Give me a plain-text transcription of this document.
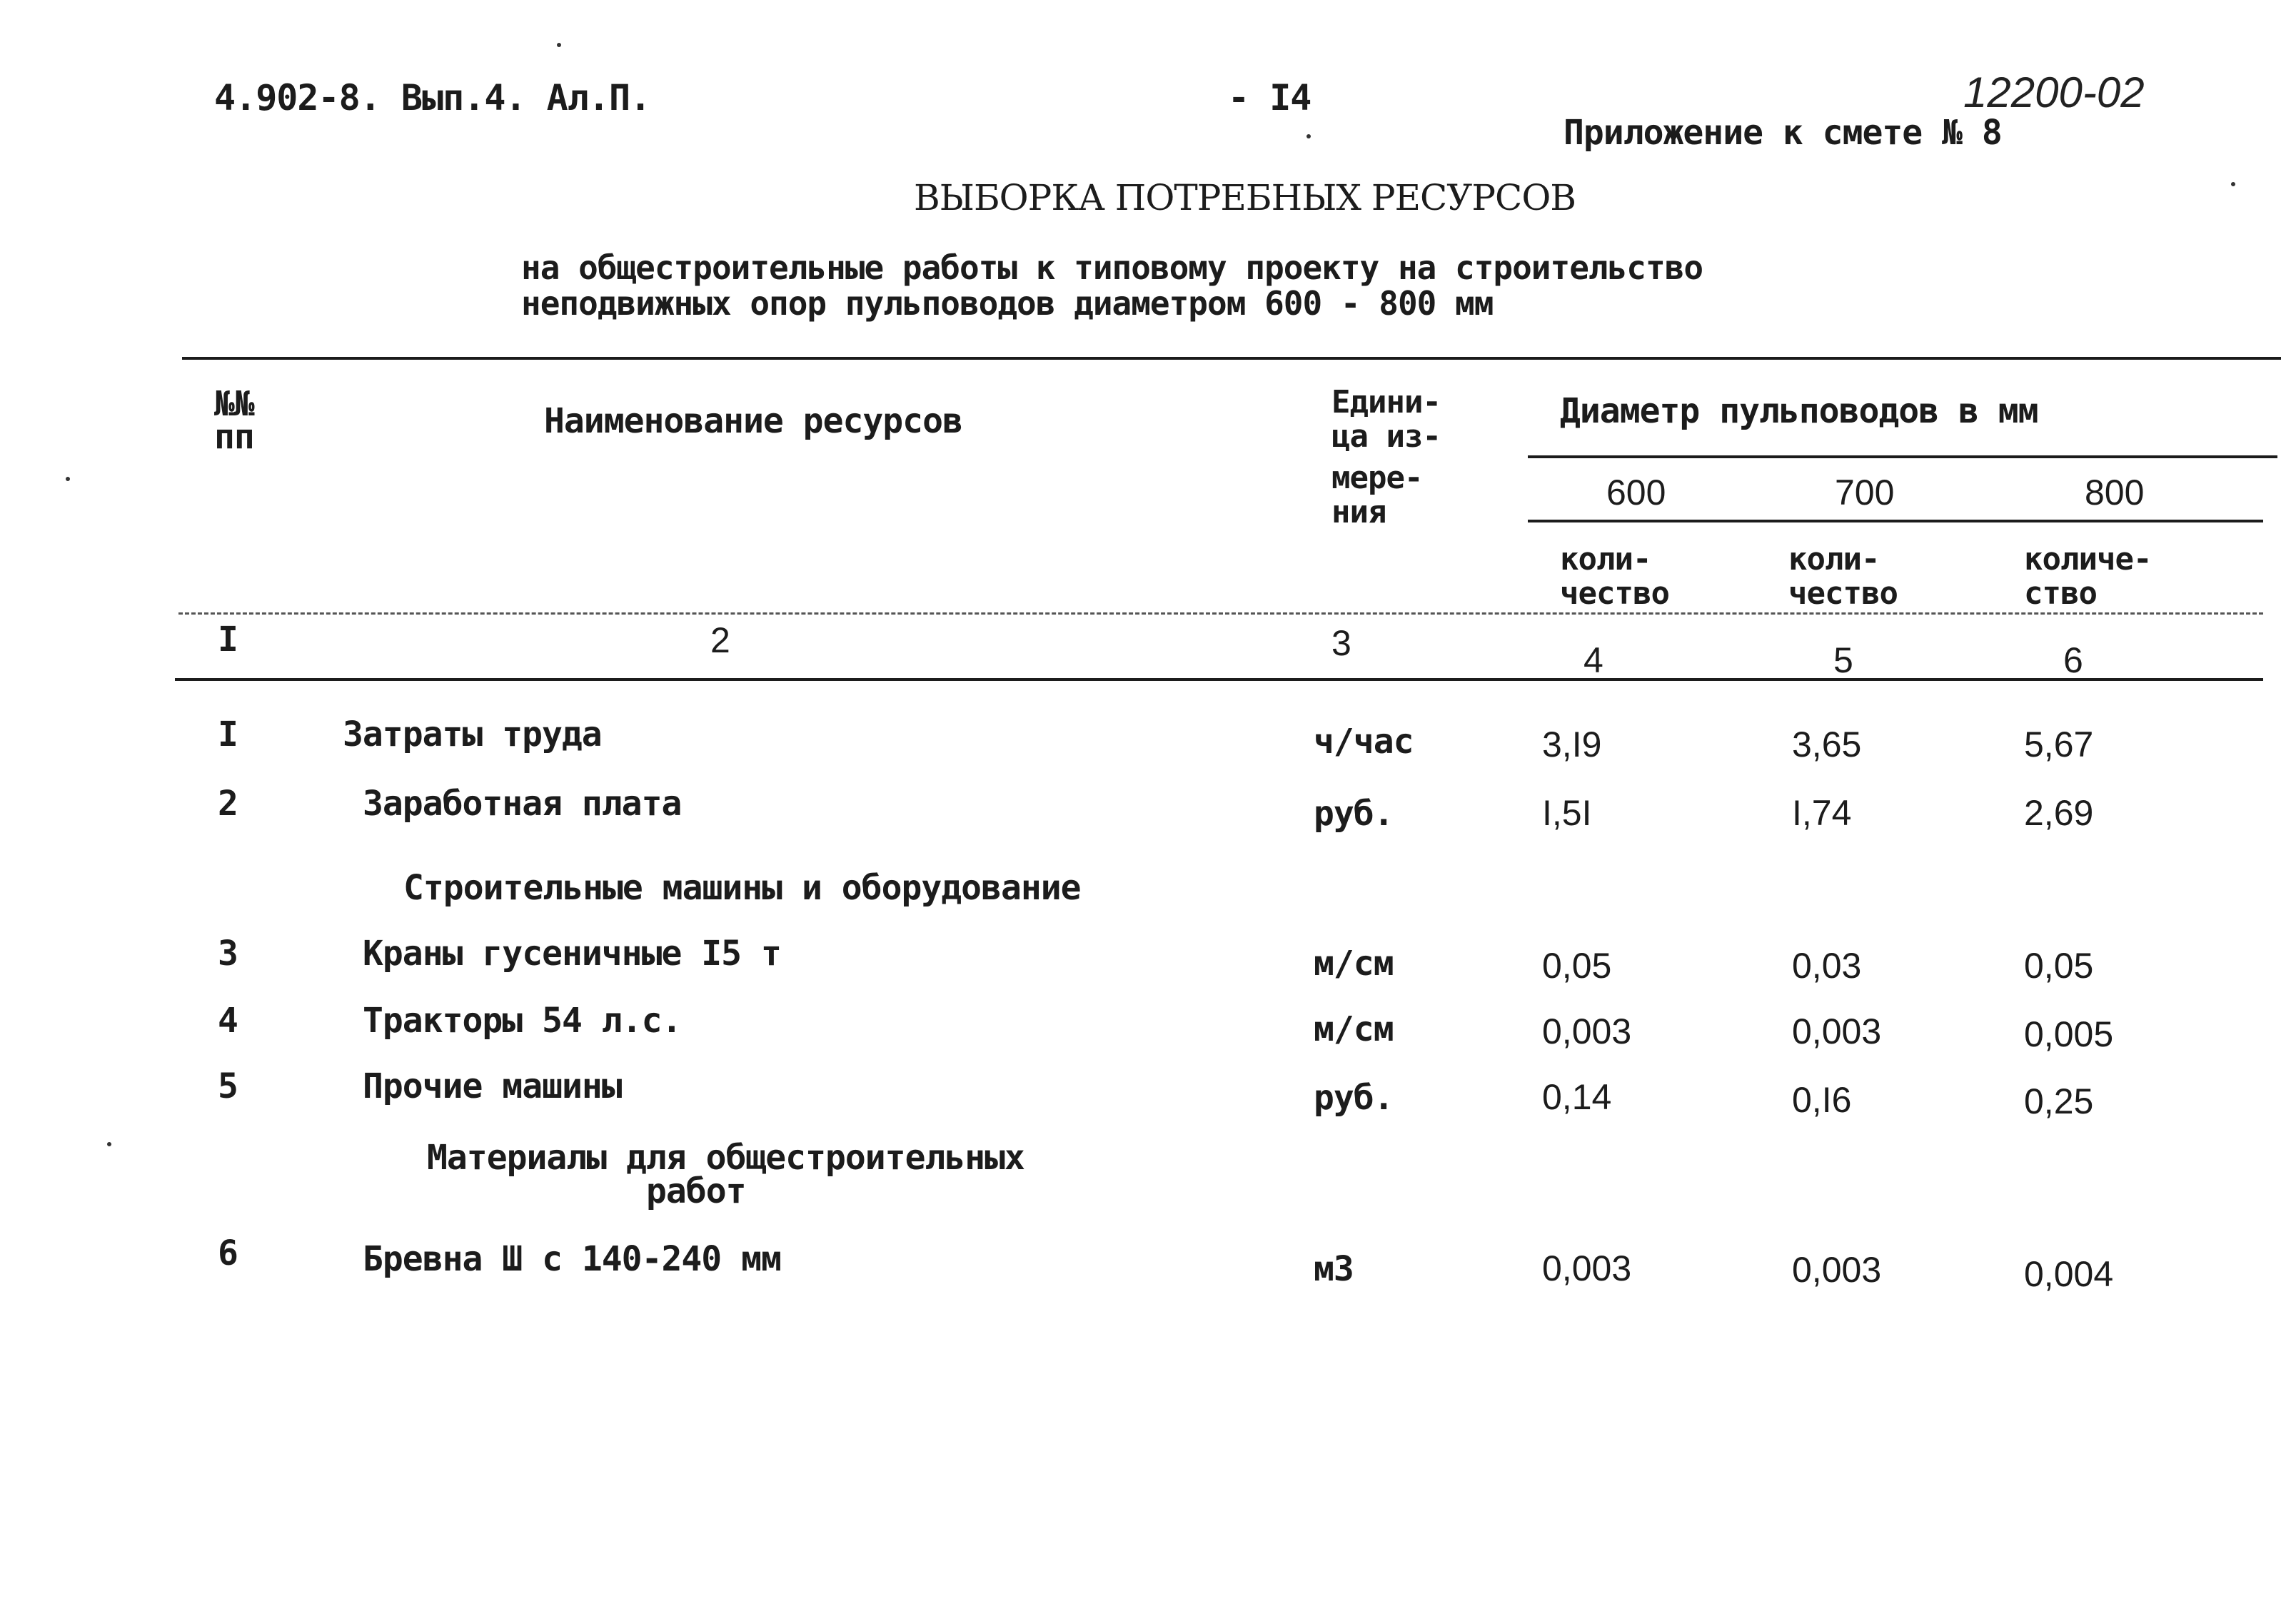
4.902-8. Вып.4. Ал.П.	- I4	12200-02
Приложение к смете № 8
ВЫБОРКА ПОТРЕБНЫХ РЕСУРСОВ
на общестроительные работы к типовому проекту на строительство
неподвижных опор пульповодов диаметром 600 - 800 мм
№№
пп	Наименование ресурсов	Едини-
ца из-
мере-
ния
Диаметр пульповодов в мм
600	700	800
коли-
чество
коли-
чество
количе-
ство
I	2	3	4	5	6
I	Затраты труда	ч/час	3,I9	3,65	5,67
2	Заработная плата	руб.	I,5I	I,74	2,69
Строительные машины и оборудование
3	Краны гусеничные I5 т	м/см	0,05	0,03	0,05
4	Тракторы 54 л.с.	м/см	0,003	0,003	0,005
5	Прочие машины	руб.	0,14	0,I6	0,25
Материалы для общестроительных
работ
6	Бревна Ш с 140-240 мм	м3	0,003	0,003	0,004
